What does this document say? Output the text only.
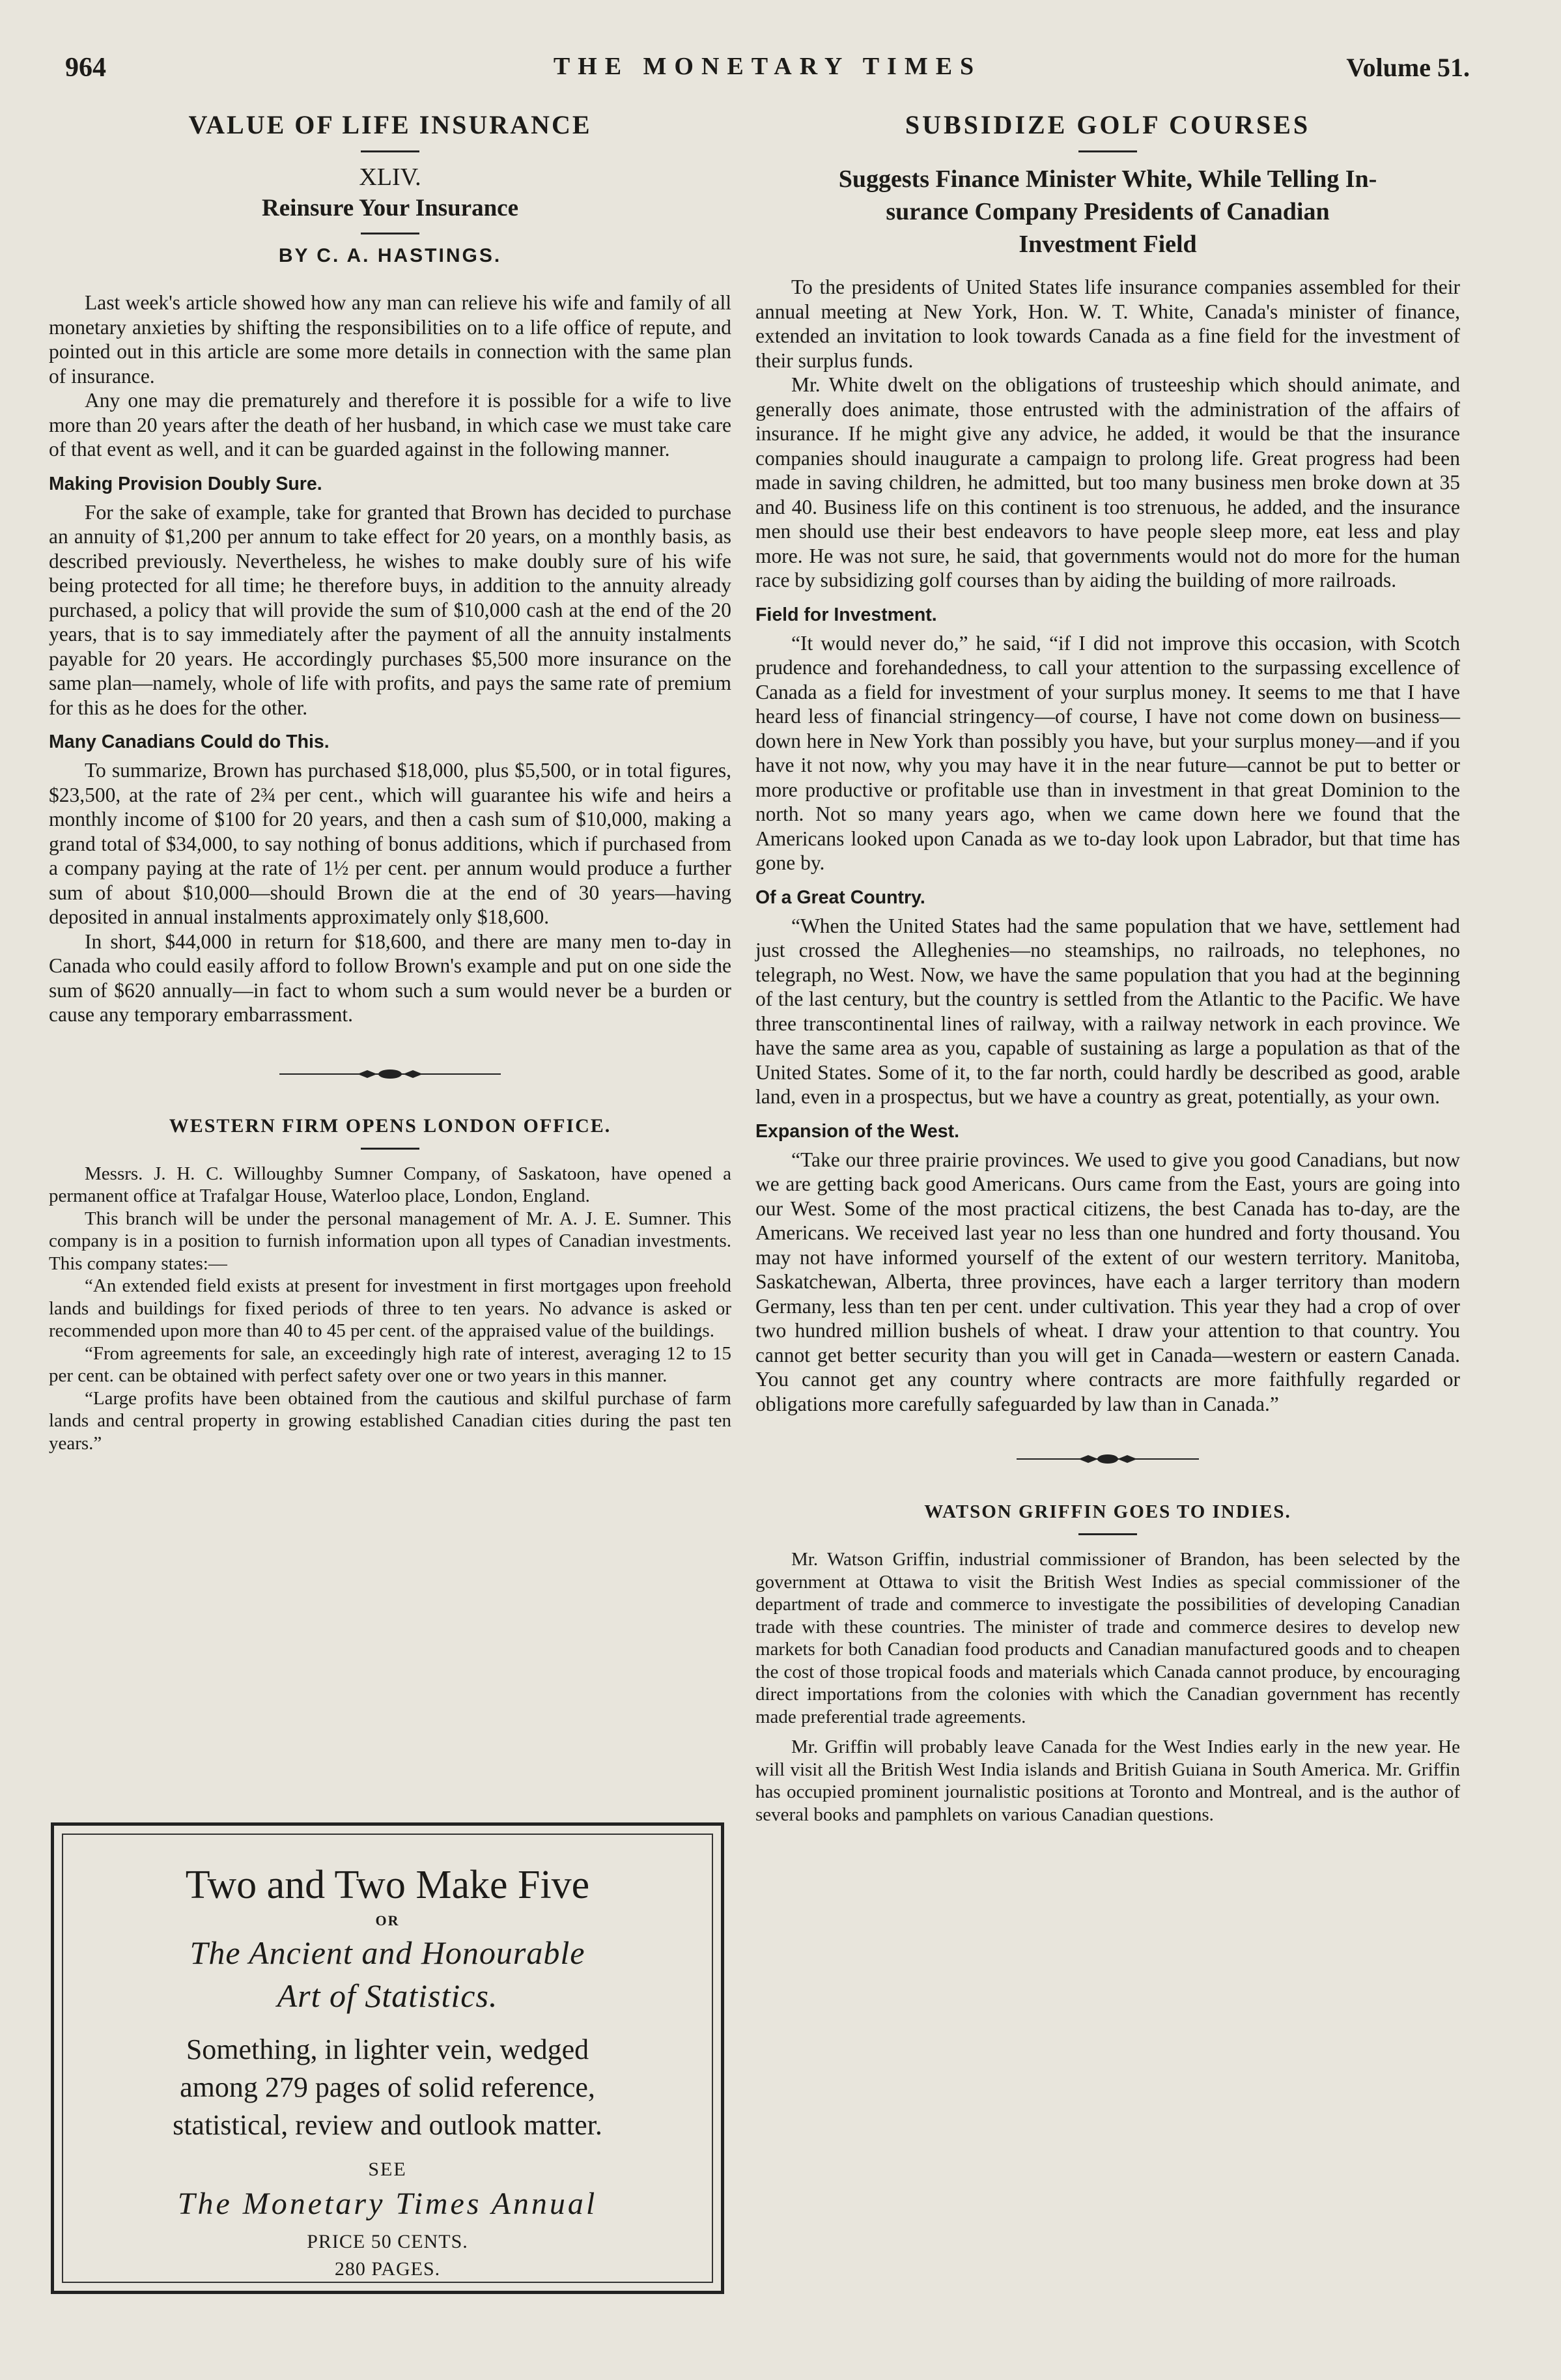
964	THE MONETARY TIMES	Volume 51.
VALUE OF LIFE INSURANCE
XLIV.
Reinsure Your Insurance
BY C. A. HASTINGS.

Last week's article showed how any man can relieve his wife and family of all monetary anxieties by shifting the responsibilities on to a life office of repute, and pointed out in this article are some more details in connection with the same plan of insurance.

Any one may die prematurely and therefore it is possible for a wife to live more than 20 years after the death of her husband, in which case we must take care of that event as well, and it can be guarded against in the following manner.

Making Provision Doubly Sure.

For the sake of example, take for granted that Brown has decided to purchase an annuity of $1,200 per annum to take effect for 20 years, on a monthly basis, as described previously. Nevertheless, he wishes to make doubly sure of his wife being protected for all time; he therefore buys, in addition to the annuity already purchased, a policy that will provide the sum of $10,000 cash at the end of the 20 years, that is to say immediately after the payment of all the annuity instalments payable for 20 years. He accordingly purchases $5,500 more insurance on the same plan—namely, whole of life with profits, and pays the same rate of premium for this as he does for the other.

Many Canadians Could do This.

To summarize, Brown has purchased $18,000, plus $5,500, or in total figures, $23,500, at the rate of 2¾ per cent., which will guarantee his wife and heirs a monthly income of $100 for 20 years, and then a cash sum of $10,000, making a grand total of $34,000, to say nothing of bonus additions, which if purchased from a company paying at the rate of 1½ per cent. per annum would produce a further sum of about $10,000—should Brown die at the end of 30 years—having deposited in annual instalments approximately only $18,600.

In short, $44,000 in return for $18,600, and there are many men to-day in Canada who could easily afford to follow Brown's example and put on one side the sum of $620 annually—in fact to whom such a sum would never be a burden or cause any temporary embarrassment.

WESTERN FIRM OPENS LONDON OFFICE.

Messrs. J. H. C. Willoughby Sumner Company, of Saskatoon, have opened a permanent office at Trafalgar House, Waterloo place, London, England.

This branch will be under the personal management of Mr. A. J. E. Sumner. This company is in a position to furnish information upon all types of Canadian investments. This company states:—

“An extended field exists at present for investment in first mortgages upon freehold lands and buildings for fixed periods of three to ten years. No advance is asked or recommended upon more than 40 to 45 per cent. of the appraised value of the buildings.

“From agreements for sale, an exceedingly high rate of interest, averaging 12 to 15 per cent. can be obtained with perfect safety over one or two years in this manner.

“Large profits have been obtained from the cautious and skilful purchase of farm lands and central property in growing established Canadian cities during the past ten years.”

Two and Two Make Five
OR
The Ancient and Honourable
Art of Statistics.
Something, in lighter vein, wedged
among 279 pages of solid reference,
statistical, review and outlook matter.
SEE
The Monetary Times Annual
PRICE 50 CENTS.
280 PAGES.
SUBSIDIZE GOLF COURSES
Suggests Finance Minister White, While Telling In-
surance Company Presidents of Canadian
Investment Field

To the presidents of United States life insurance companies assembled for their annual meeting at New York, Hon. W. T. White, Canada's minister of finance, extended an invitation to look towards Canada as a fine field for the investment of their surplus funds.

Mr. White dwelt on the obligations of trusteeship which should animate, and generally does animate, those entrusted with the administration of the affairs of insurance. If he might give any advice, he added, it would be that the insurance companies should inaugurate a campaign to prolong life. Great progress had been made in saving children, he admitted, but too many business men broke down at 35 and 40. Business life on this continent is too strenuous, he added, and the insurance men should use their best endeavors to have people sleep more, eat less and play more. He was not sure, he said, that governments would not do more for the human race by subsidizing golf courses than by aiding the building of more railroads.

Field for Investment.

“It would never do,” he said, “if I did not improve this occasion, with Scotch prudence and forehandedness, to call your attention to the surpassing excellence of Canada as a field for investment of your surplus money. It seems to me that I have heard less of financial stringency—of course, I have not come down on business—down here in New York than possibly you have, but your surplus money—and if you have it not now, why you may have it in the near future—cannot be put to better or more productive or profitable use than in investment in that great Dominion to the north. Not so many years ago, when we came down here we found that the Americans looked upon Canada as we to-day look upon Labrador, but that time has gone by.

Of a Great Country.

“When the United States had the same population that we have, settlement had just crossed the Alleghenies—no steamships, no railroads, no telephones, no telegraph, no West. Now, we have the same population that you had at the beginning of the last century, but the country is settled from the Atlantic to the Pacific. We have three transcontinental lines of railway, with a railway network in each province. We have the same area as you, capable of sustaining as large a population as that of the United States. Some of it, to the far north, could hardly be described as good, arable land, even in a prospectus, but we have a country as great, potentially, as your own.

Expansion of the West.

“Take our three prairie provinces. We used to give you good Canadians, but now we are getting back good Americans. Ours came from the East, yours are going into our West. Some of the most practical citizens, the best Canada has to-day, are the Americans. We received last year no less than one hundred and forty thousand. You may not have informed yourself of the extent of our western territory. Manitoba, Saskatchewan, Alberta, three provinces, have each a larger territory than modern Germany, less than ten per cent. under cultivation. This year they had a crop of over two hundred million bushels of wheat. I draw your attention to that country. You cannot get better security than you will get in Canada—western or eastern Canada. You cannot get any country where contracts are more faithfully regarded or obligations more carefully safeguarded by law than in Canada.”

WATSON GRIFFIN GOES TO INDIES.

Mr. Watson Griffin, industrial commissioner of Brandon, has been selected by the government at Ottawa to visit the British West Indies as special commissioner of the department of trade and commerce to investigate the possibilities of developing Canadian trade with these countries. The minister of trade and commerce desires to develop new markets for both Canadian food products and Canadian manufactured goods and to cheapen the cost of those tropical foods and materials which Canada cannot produce, by encouraging direct importations from the colonies with which the Canadian government has recently made preferential trade agreements.

Mr. Griffin will probably leave Canada for the West Indies early in the new year. He will visit all the British West India islands and British Guiana in South America. Mr. Griffin has occupied prominent journalistic positions at Toronto and Montreal, and is the author of several books and pamphlets on various Canadian questions.
